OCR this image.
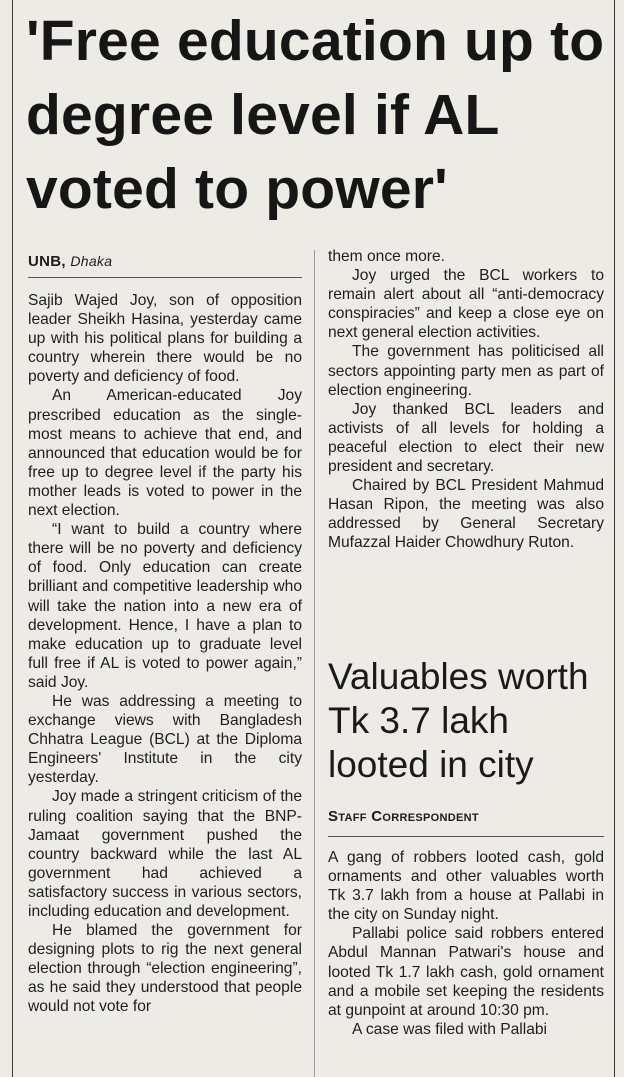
'Free education up to degree level if AL voted to power'
UNB, Dhaka

Sajib Wajed Joy, son of opposition leader Sheikh Hasina, yesterday came up with his political plans for building a country wherein there would be no poverty and deficiency of food.

An American-educated Joy prescribed education as the single-most means to achieve that end, and announced that education would be for free up to degree level if the party his mother leads is voted to power in the next election.

“I want to build a country where there will be no poverty and deficiency of food. Only education can create brilliant and competitive leadership who will take the nation into a new era of development. Hence, I have a plan to make education up to graduate level full free if AL is voted to power again,” said Joy.

He was addressing a meeting to exchange views with Bangladesh Chhatra League (BCL) at the Diploma Engineers' Institute in the city yesterday.

Joy made a stringent criticism of the ruling coalition saying that the BNP-Jamaat government pushed the country backward while the last AL government had achieved a satisfactory success in various sectors, including education and development.

He blamed the government for designing plots to rig the next general election through “election engineering”, as he said they understood that people would not vote for

them once more.

Joy urged the BCL workers to remain alert about all “anti-democracy conspiracies” and keep a close eye on next general election activities.

The government has politicised all sectors appointing party men as part of election engineering.

Joy thanked BCL leaders and activists of all levels for holding a peaceful election to elect their new president and secretary.

Chaired by BCL President Mahmud Hasan Ripon, the meeting was also addressed by General Secretary Mufazzal Haider Chowdhury Ruton.

Valuables worth Tk 3.7 lakh looted in city
Staff Correspondent

A gang of robbers looted cash, gold ornaments and other valuables worth Tk 3.7 lakh from a house at Pallabi in the city on Sunday night.

Pallabi police said robbers entered Abdul Mannan Patwari's house and looted Tk 1.7 lakh cash, gold ornament and a mobile set keeping the residents at gunpoint at around 10:30 pm.

A case was filed with Pallabi
